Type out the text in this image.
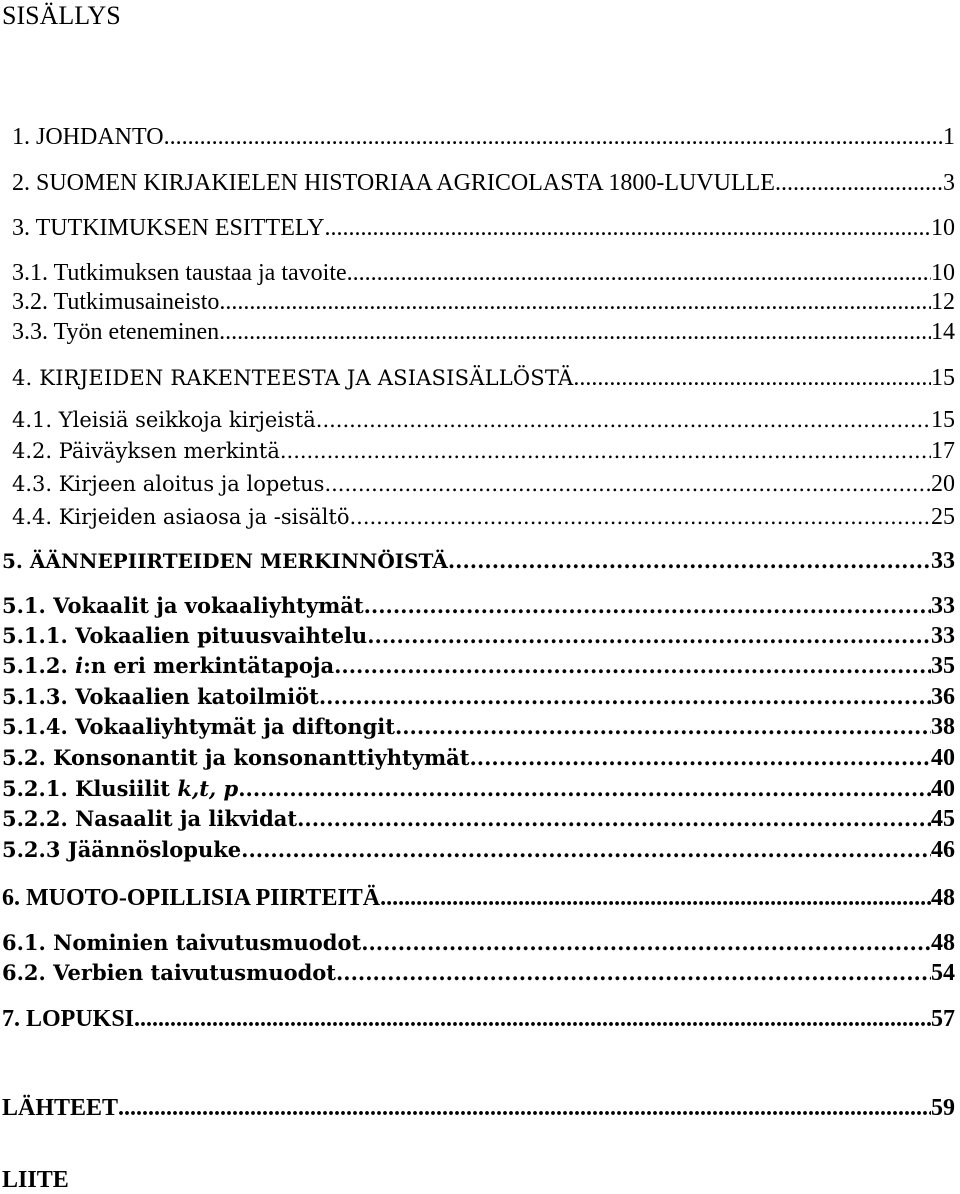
SISÄLLYS
1. JOHDANTO .....	1
2. SUOMEN KIRJAKIELEN HISTORIAA AGRICOLASTA 1800-LUVULLE .....	3
3. TUTKIMUKSEN ESITTELY .....	10
3.1. Tutkimuksen taustaa ja tavoite .....	10
3.2. Tutkimusaineisto .....	12
3.3. Työn eteneminen .....	14
4. KIRJEIDEN RAKENTEESTA JA ASIASISÄLLÖSTÄ .....	15
4.1. Yleisiä seikkoja kirjeistä .....	15
4.2. Päiväyksen merkintä .....	17
4.3. Kirjeen aloitus ja lopetus .....	20
4.4. Kirjeiden asiaosa ja -sisältö .....	25
5. ÄÄNNEPIIRTEIDEN MERKINNÖISTÄ .....	33
5.1. Vokaalit ja vokaaliyhtymät .....	33
5.1.1. Vokaalien pituusvaihtelu .....	33
5.1.2. i:n eri merkintätapoja .....	35
5.1.3. Vokaalien katoilmiöt .....	36
5.1.4. Vokaaliyhtymät ja diftongit .....	38
5.2. Konsonantit ja konsonanttiyhtymät .....	40
5.2.1. Klusiilit k,t, p .....	40
5.2.2. Nasaalit ja likvidat .....	45
5.2.3 Jäännöslopuke .....	46
6. MUOTO-OPILLISIA PIIRTEITÄ .....	48
6.1. Nominien taivutusmuodot .....	48
6.2. Verbien taivutusmuodot .....	54
7. LOPUKSI .....	57
LÄHTEET .....	59
LIITE
